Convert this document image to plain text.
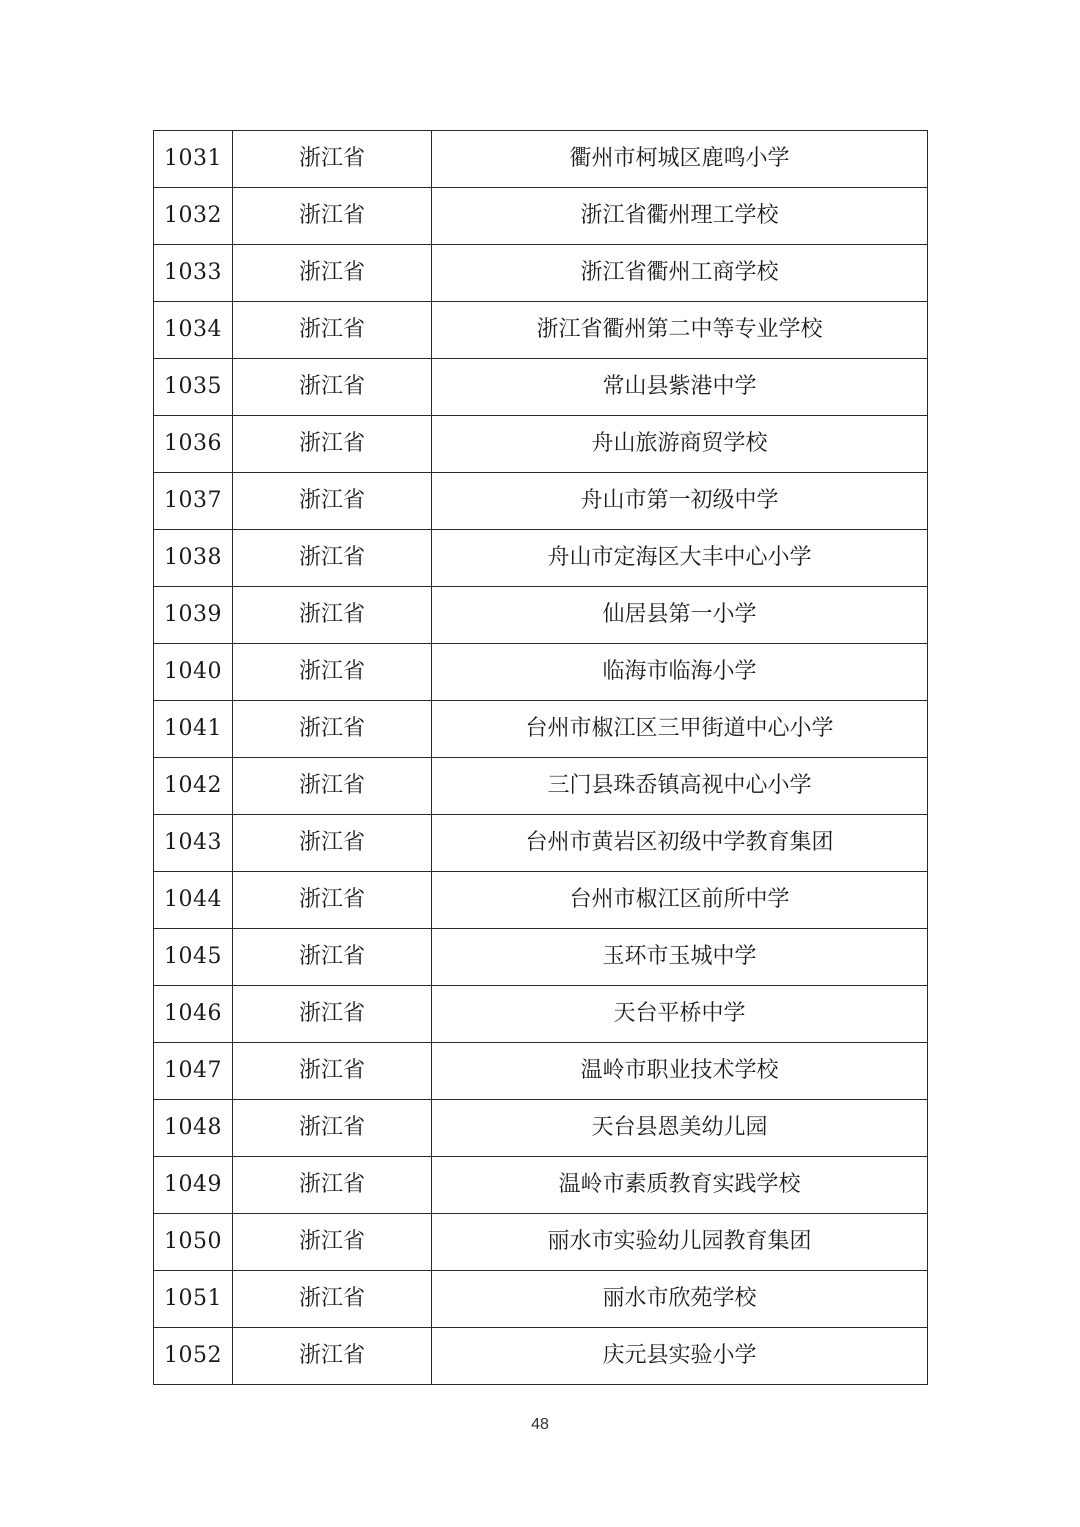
1031	浙江省	衢州市柯城区鹿鸣小学
1032	浙江省	浙江省衢州理工学校
1033	浙江省	浙江省衢州工商学校
1034	浙江省	浙江省衢州第二中等专业学校
1035	浙江省	常山县紫港中学
1036	浙江省	舟山旅游商贸学校
1037	浙江省	舟山市第一初级中学
1038	浙江省	舟山市定海区大丰中心小学
1039	浙江省	仙居县第一小学
1040	浙江省	临海市临海小学
1041	浙江省	台州市椒江区三甲街道中心小学
1042	浙江省	三门县珠岙镇高视中心小学
1043	浙江省	台州市黄岩区初级中学教育集团
1044	浙江省	台州市椒江区前所中学
1045	浙江省	玉环市玉城中学
1046	浙江省	天台平桥中学
1047	浙江省	温岭市职业技术学校
1048	浙江省	天台县恩美幼儿园
1049	浙江省	温岭市素质教育实践学校
1050	浙江省	丽水市实验幼儿园教育集团
1051	浙江省	丽水市欣苑学校
1052	浙江省	庆元县实验小学
48
